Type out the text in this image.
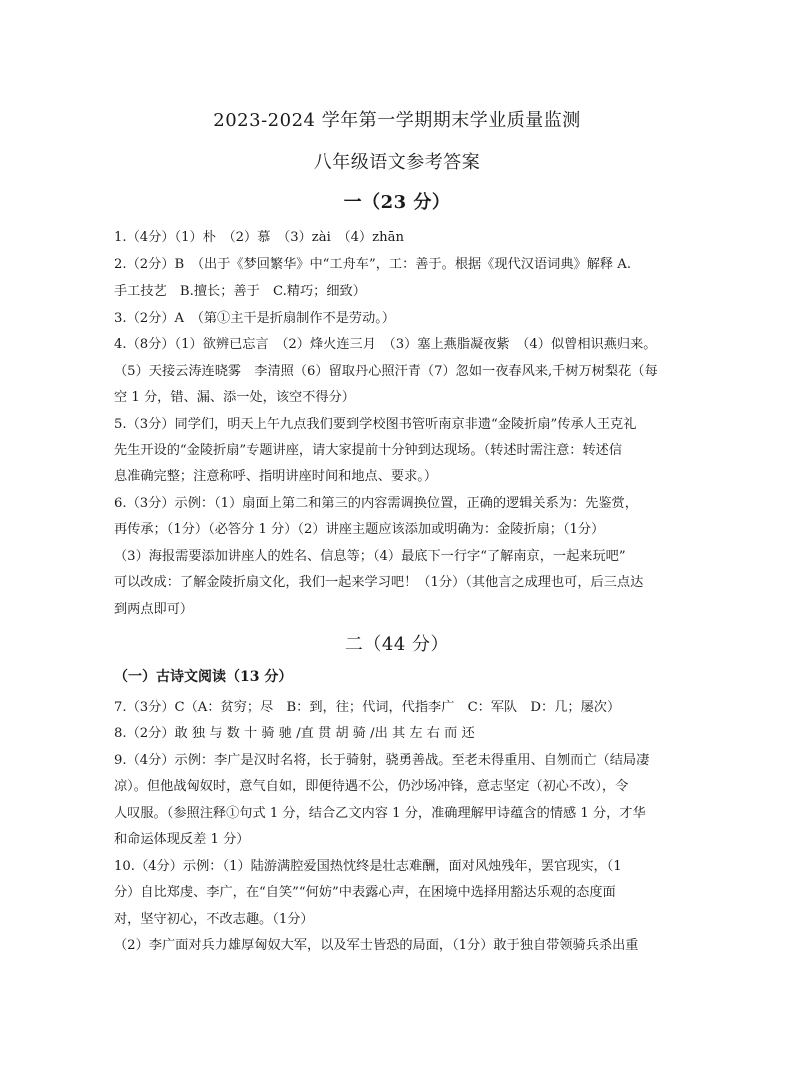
2023-2024 学年第一学期期末学业质量监测
八年级语文参考答案
一（23 分）
1.（4分）（1）朴　（2）慕　（3）zài　（4）zhān
2.（2分）B　（出于《梦回繁华》中“工舟车”，工：善于。根据《现代汉语词典》解释 A.
手工技艺　B.擅长；善于　C.精巧；细致）
3.（2分）A　（第①主干是折扇制作不是劳动。）
4.（8分）（1）欲辨已忘言　（2）烽火连三月　（3）塞上燕脂凝夜紫　（4）似曾相识燕归来。
（5）天接云涛连晓雾　李清照（6）留取丹心照汗青（7）忽如一夜春风来,千树万树梨花（每
空 1 分，错、漏、添一处，该空不得分）
5.（3分）同学们，明天上午九点我们要到学校图书管听南京非遗“金陵折扇”传承人王克礼
先生开设的“金陵折扇”专题讲座，请大家提前十分钟到达现场。（转述时需注意：转述信
息准确完整；注意称呼、指明讲座时间和地点、要求。）
6.（3分）示例：（1）扇面上第二和第三的内容需调换位置，正确的逻辑关系为：先鉴赏，
再传承；（1分）（必答分 1 分）（2）讲座主题应该添加或明确为：金陵折扇；（1分）
（3）海报需要添加讲座人的姓名、信息等；（4）最底下一行字“了解南京，一起来玩吧”
可以改成：了解金陵折扇文化，我们一起来学习吧！（1分）（其他言之成理也可，后三点达
到两点即可）
二（44 分）
（一）古诗文阅读（13 分）
7.（3分）C（A：贫穷；尽　B：到，往；代词，代指李广　C：军队　D：几；屡次）
8.（2分）敢 独 与 数 十 骑 驰 /直 贯 胡 骑 /出 其 左 右 而 还
9.（4分）示例：李广是汉时名将，长于骑射，骁勇善战。至老未得重用、自刎而亡（结局凄
凉）。但他战匈奴时，意气自如，即便待遇不公，仍沙场冲锋，意志坚定（初心不改），令
人叹服。（参照注释①句式 1 分，结合乙文内容 1 分，准确理解甲诗蕴含的情感 1 分，才华
和命运体现反差 1 分）
10.（4分）示例：（1）陆游满腔爱国热忱终是壮志难酬，面对风烛残年，罢官现实，（1
分）自比郑虔、李广，在“自笑”“何妨”中表露心声，在困境中选择用豁达乐观的态度面
对，坚守初心，不改志趣。（1分）
（2）李广面对兵力雄厚匈奴大军，以及军士皆恐的局面，（1分）敢于独自带领骑兵杀出重
